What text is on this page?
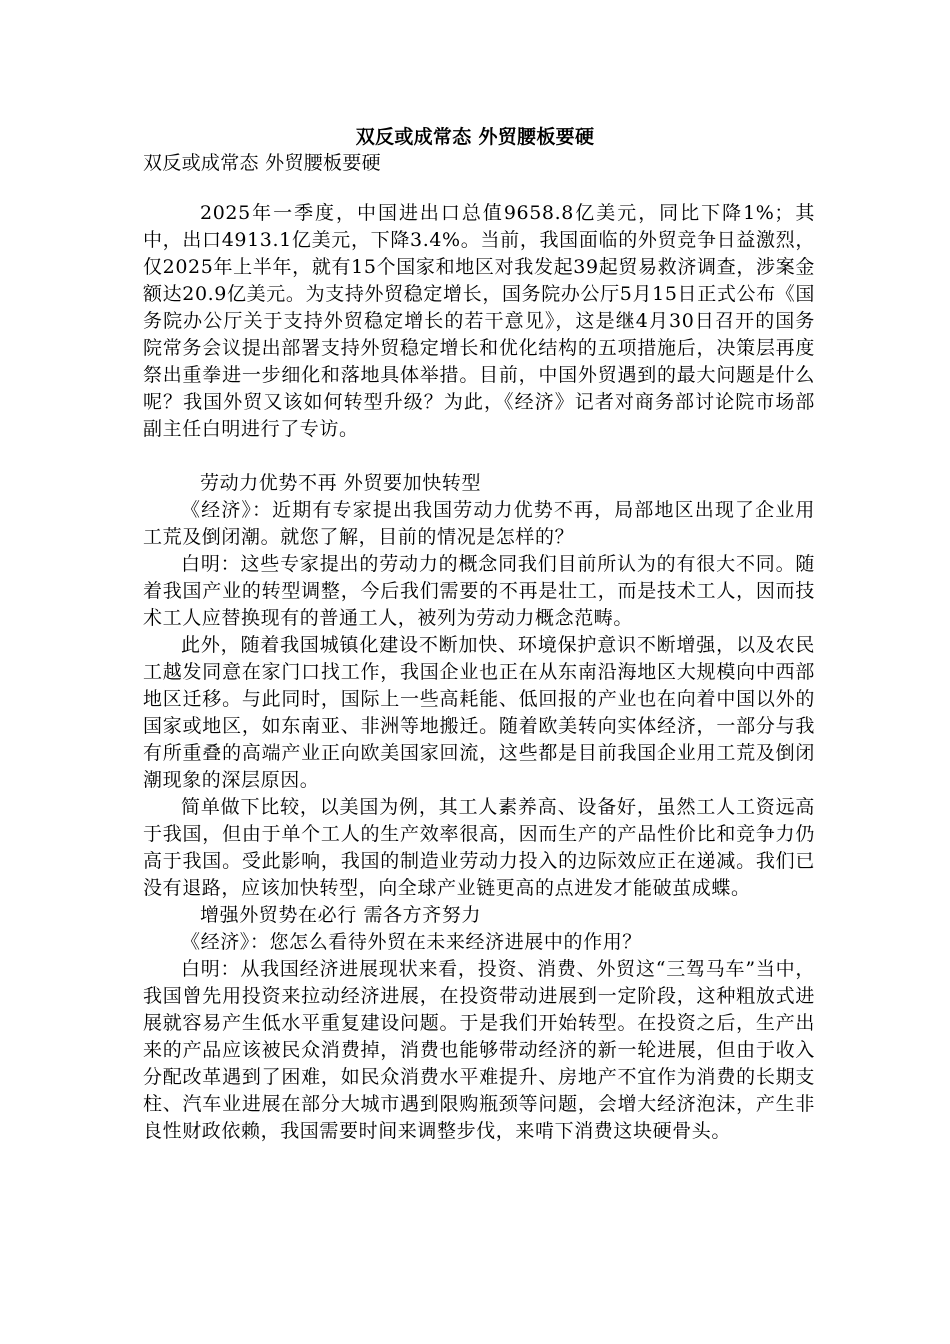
双反或成常态 外贸腰板要硬
双反或成常态 外贸腰板要硬

2025年一季度，中国进出口总值9658.8亿美元，同比下降1%；其中，出口4913.1亿美元，下降3.4%。当前，我国面临的外贸竞争日益激烈，仅2025年上半年，就有15个国家和地区对我发起39起贸易救济调查，涉案金额达20.9亿美元。为支持外贸稳定增长，国务院办公厅5月15日正式公布《国务院办公厅关于支持外贸稳定增长的若干意见》，这是继4月30日召开的国务院常务会议提出部署支持外贸稳定增长和优化结构的五项措施后，决策层再度祭出重拳进一步细化和落地具体举措。目前，中国外贸遇到的最大问题是什么呢？我国外贸又该如何转型升级？为此，《经济》记者对商务部讨论院市场部副主任白明进行了专访。

劳动力优势不再 外贸要加快转型

《经济》：近期有专家提出我国劳动力优势不再，局部地区出现了企业用工荒及倒闭潮。就您了解，目前的情况是怎样的？

白明：这些专家提出的劳动力的概念同我们目前所认为的有很大不同。随着我国产业的转型调整，今后我们需要的不再是壮工，而是技术工人，因而技术工人应替换现有的普通工人，被列为劳动力概念范畴。

此外，随着我国城镇化建设不断加快、环境保护意识不断增强，以及农民工越发同意在家门口找工作，我国企业也正在从东南沿海地区大规模向中西部地区迁移。与此同时，国际上一些高耗能、低回报的产业也在向着中国以外的国家或地区，如东南亚、非洲等地搬迁。随着欧美转向实体经济，一部分与我有所重叠的高端产业正向欧美国家回流，这些都是目前我国企业用工荒及倒闭潮现象的深层原因。

简单做下比较，以美国为例，其工人素养高、设备好，虽然工人工资远高于我国，但由于单个工人的生产效率很高，因而生产的产品性价比和竞争力仍高于我国。受此影响，我国的制造业劳动力投入的边际效应正在递减。我们已没有退路，应该加快转型，向全球产业链更高的点进发才能破茧成蝶。

增强外贸势在必行 需各方齐努力

《经济》：您怎么看待外贸在未来经济进展中的作用？

白明：从我国经济进展现状来看，投资、消费、外贸这“三驾马车”当中，我国曾先用投资来拉动经济进展，在投资带动进展到一定阶段，这种粗放式进展就容易产生低水平重复建设问题。于是我们开始转型。在投资之后，生产出来的产品应该被民众消费掉，消费也能够带动经济的新一轮进展，但由于收入分配改革遇到了困难，如民众消费水平难提升、房地产不宜作为消费的长期支柱、汽车业进展在部分大城市遇到限购瓶颈等问题，会增大经济泡沫，产生非良性财政依赖，我国需要时间来调整步伐，来啃下消费这块硬骨头。
